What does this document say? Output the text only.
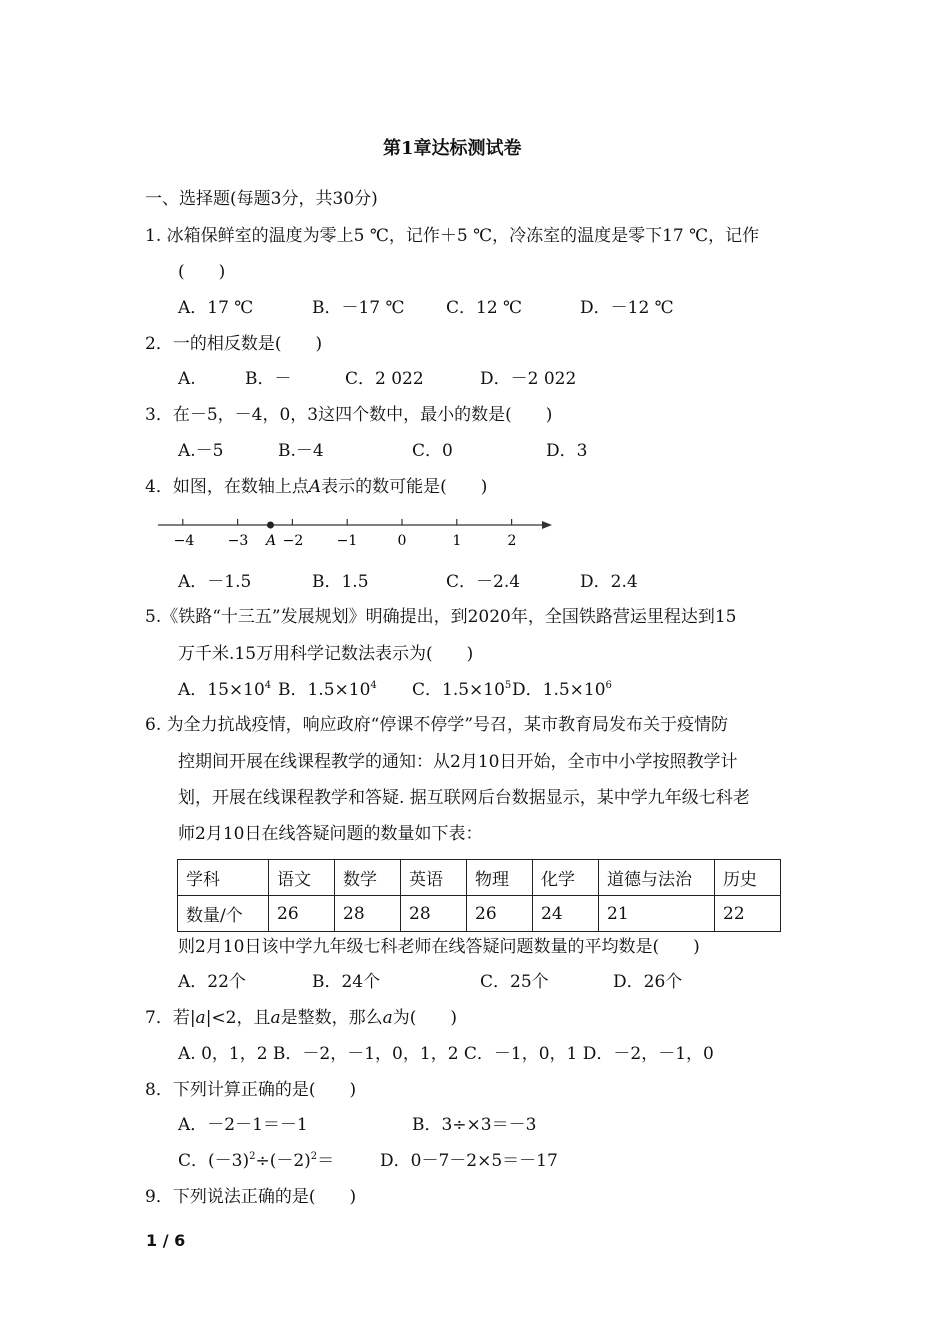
第1章达标测试卷
一、选择题(每题3分，共30分)
1. 冰箱保鲜室的温度为零上5 ℃，记作＋5 ℃，冷冻室的温度是零下17 ℃，记作
(　　)
A．17 ℃	B．－17 ℃ C．12 ℃	D．－12 ℃
2．一的相反数是(　　)
A.	B．－	C．2 022	D．－2 022
3．在－5，－4，0，3这四个数中，最小的数是(　　)
A.－5	B.－4	C．0	D．3
4．如图，在数轴上点A表示的数可能是(　　)
−4 −3 A −2 −1	0	1	2
A．－1.5	B．1.5	C．－2.4	D．2.4
5.《铁路“十三五”发展规划》明确提出，到2020年，全国铁路营运里程达到15
万千米.15万用科学记数法表示为(　　)
A．$15\times 10^4$ B．$1.5\times 10^4$ C．$1.5\times 10^5$ D．$1.5\times 10^6$
6. 为全力抗战疫情，响应政府“停课不停学”号召，某市教育局发布关于疫情防
控期间开展在线课程教学的通知：从2月10日开始，全市中小学按照教学计
划，开展在线课程教学和答疑. 据互联网后台数据显示，某中学九年级七科老
师2月10日在线答疑问题的数量如下表：
学科	语文	数学	英语	物理	化学	道德与法治	历史
数量/个	26	28	28	26	24	21	22
则2月10日该中学九年级七科老师在线答疑问题数量的平均数是(　　)
A．22个	B．24个	C．25个	D．26个
7．若|a|<2，且a是整数，那么a为(　　)
A. 0，1，2 B．－2，－1，0，1，2 C．－1，0，1 D．－2，－1，0
8．下列计算正确的是(　　)
A．－2－1＝－1	B．3÷×3＝－3
C．$(-3)^2\div(-2)^2=$	D．0－7－2×5＝－17
9．下列说法正确的是(　　)
1 / 6
